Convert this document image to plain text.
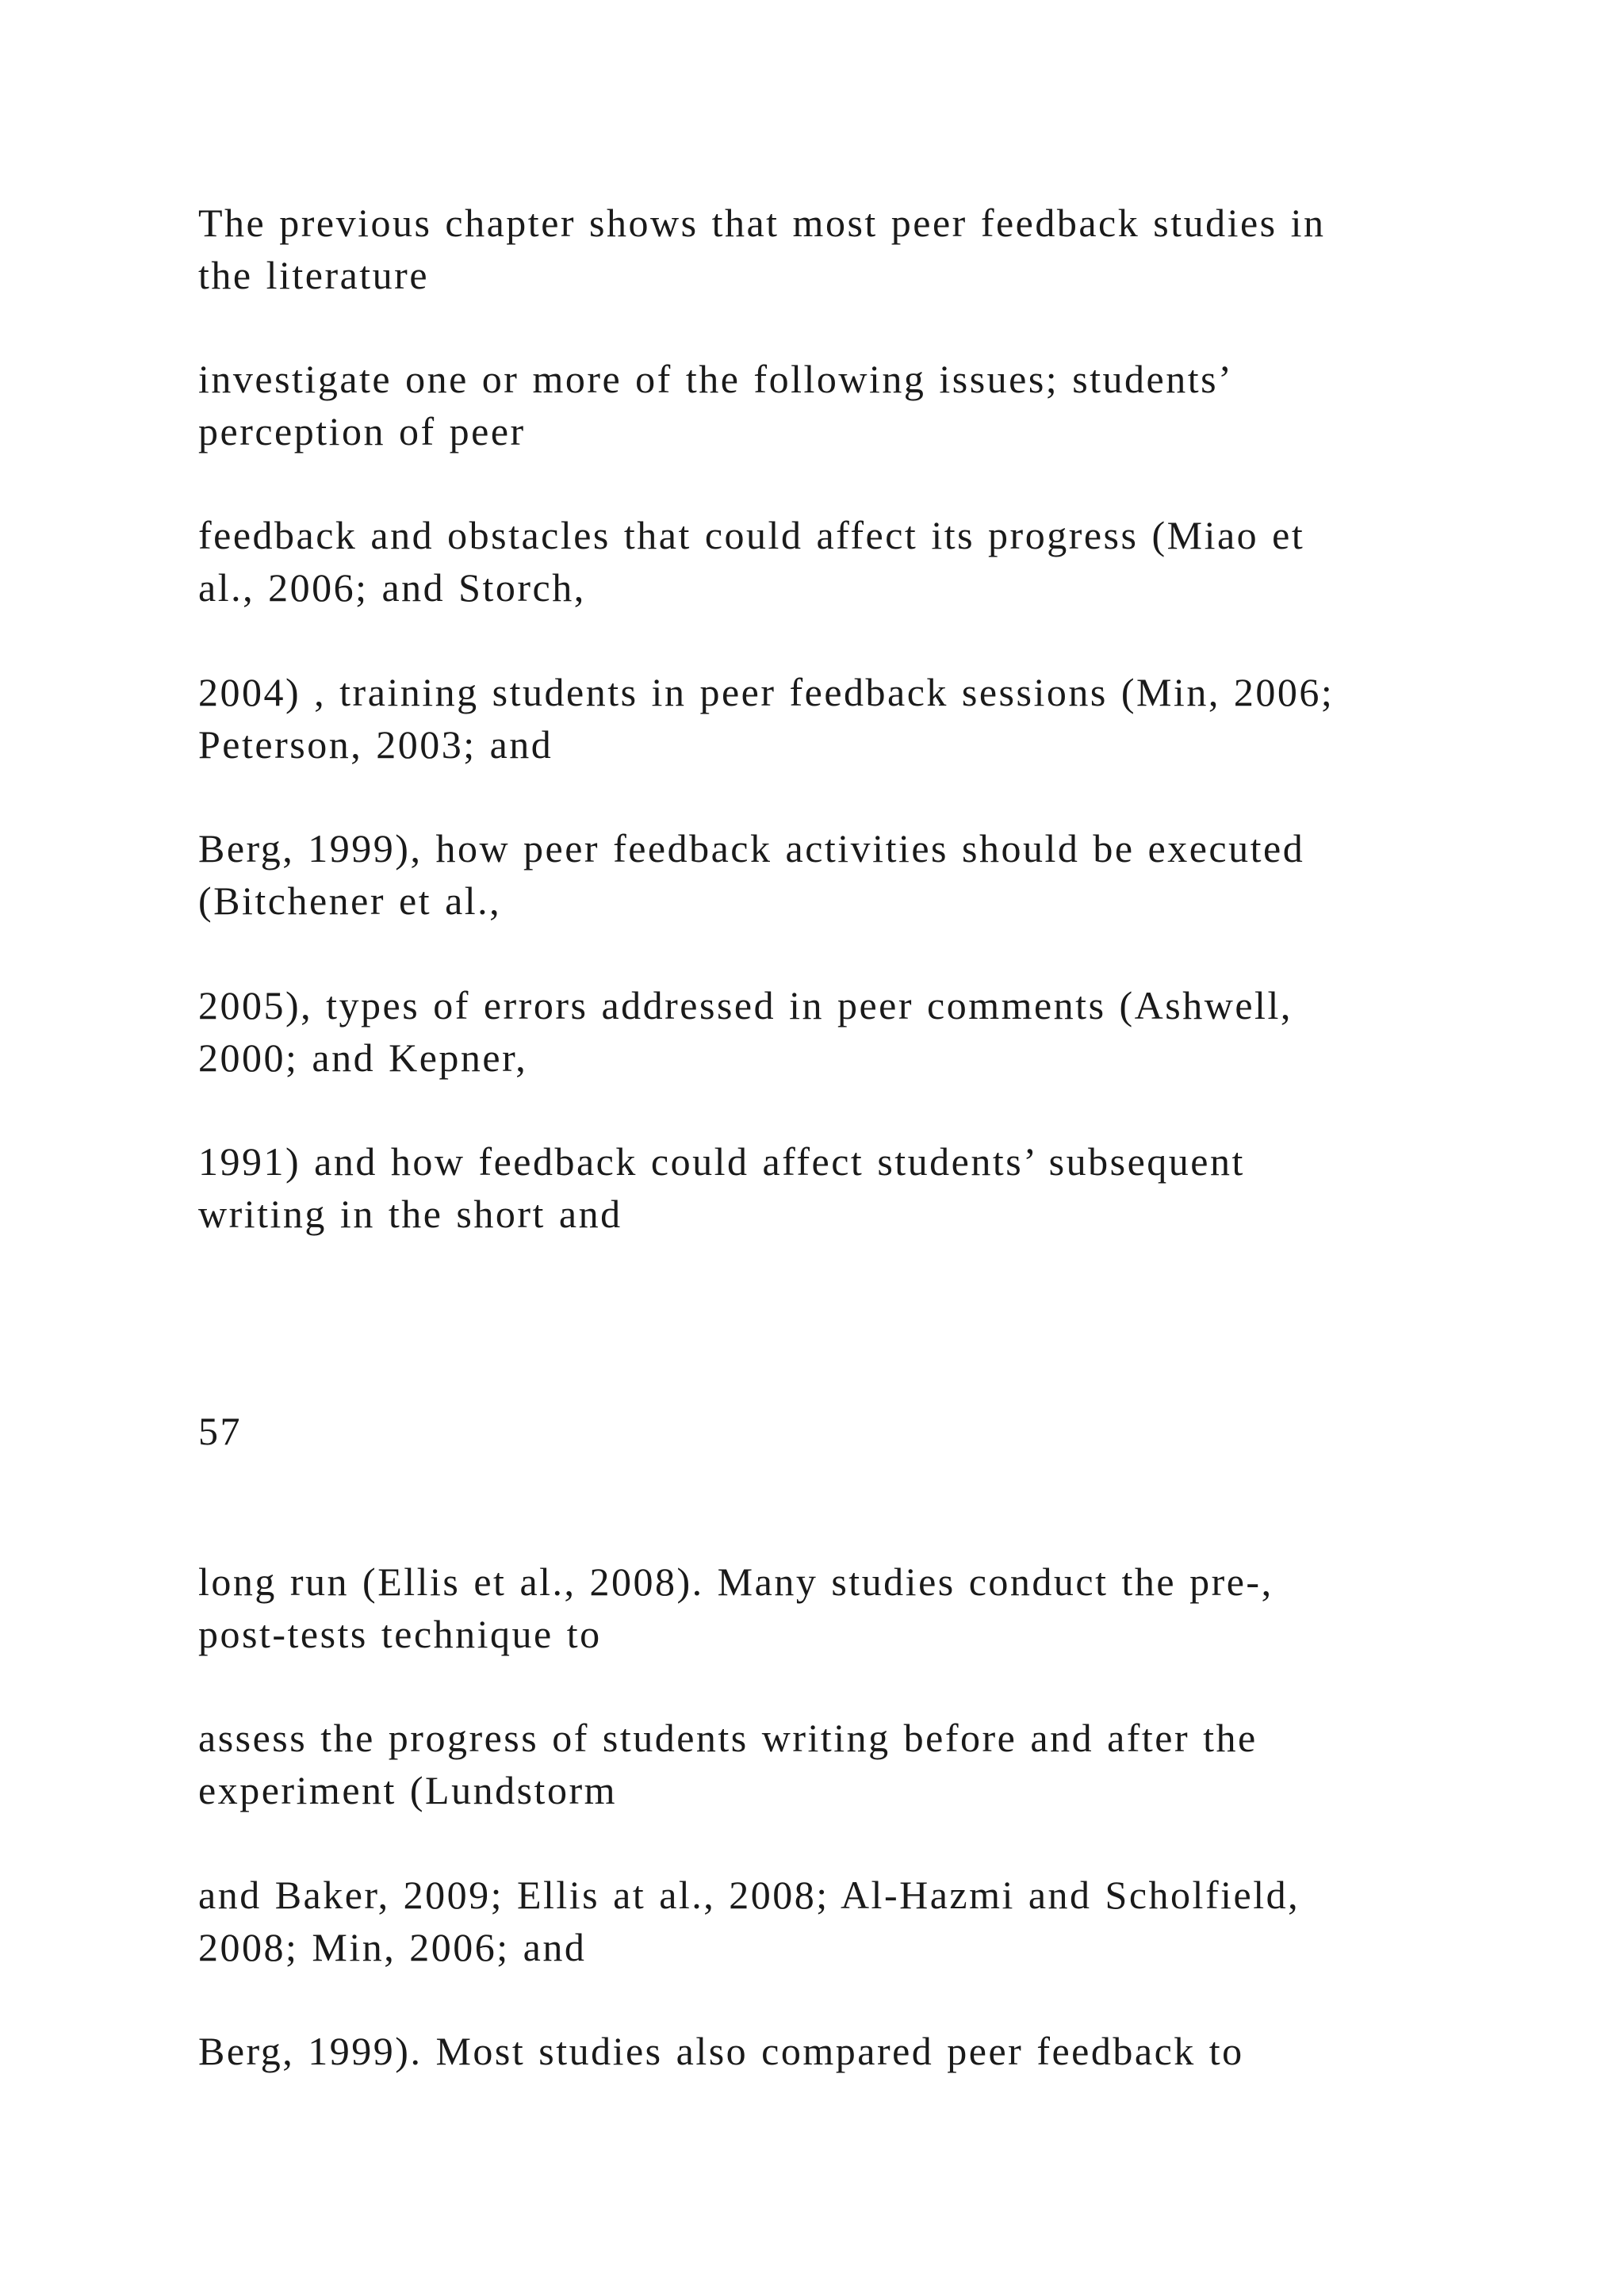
The previous chapter shows that most peer feedback studies in
the literature

investigate one or more of the following issues; students’
perception of peer

feedback and obstacles that could affect its progress (Miao et
al., 2006; and Storch,

2004) , training students in peer feedback sessions (Min, 2006;
Peterson, 2003; and

Berg, 1999), how peer feedback activities should be executed
(Bitchener et al.,

2005), types of errors addressed in peer comments (Ashwell,
2000; and Kepner,

1991) and how feedback could affect students’ subsequent
writing in the short and

57

long run (Ellis et al., 2008). Many studies conduct the pre-,
post-tests technique to

assess the progress of students writing before and after the
experiment (Lundstorm

and Baker, 2009; Ellis at al., 2008; Al-Hazmi and Scholfield,
2008; Min, 2006; and

Berg, 1999). Most studies also compared peer feedback to
